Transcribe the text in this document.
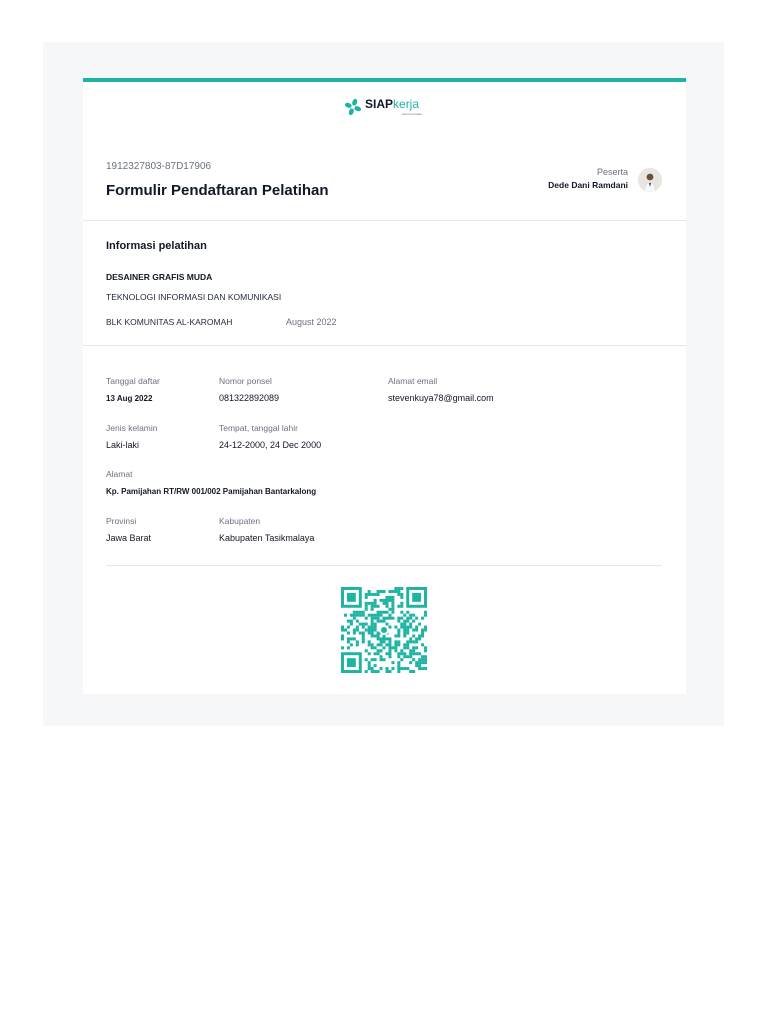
SIAPkerja
oleh Kemnaker
1912327803-87D17906
Formulir Pendaftaran Pelatihan
Peserta
Dede Dani Ramdani
Informasi pelatihan
DESAINER GRAFIS MUDA
TEKNOLOGI INFORMASI DAN KOMUNIKASI
BLK KOMUNITAS AL-KAROMAH	August 2022
Tanggal daftar
13 Aug 2022
Nomor ponsel
081322892089
Alamat email
stevenkuya78@gmail.com
Jenis kelamin
Laki-laki
Tempat, tanggal lahir
24-12-2000, 24 Dec 2000
Alamat
Kp. Pamijahan RT/RW 001/002 Pamijahan Bantarkalong
Provinsi
Jawa Barat
Kabupaten
Kabupaten Tasikmalaya
